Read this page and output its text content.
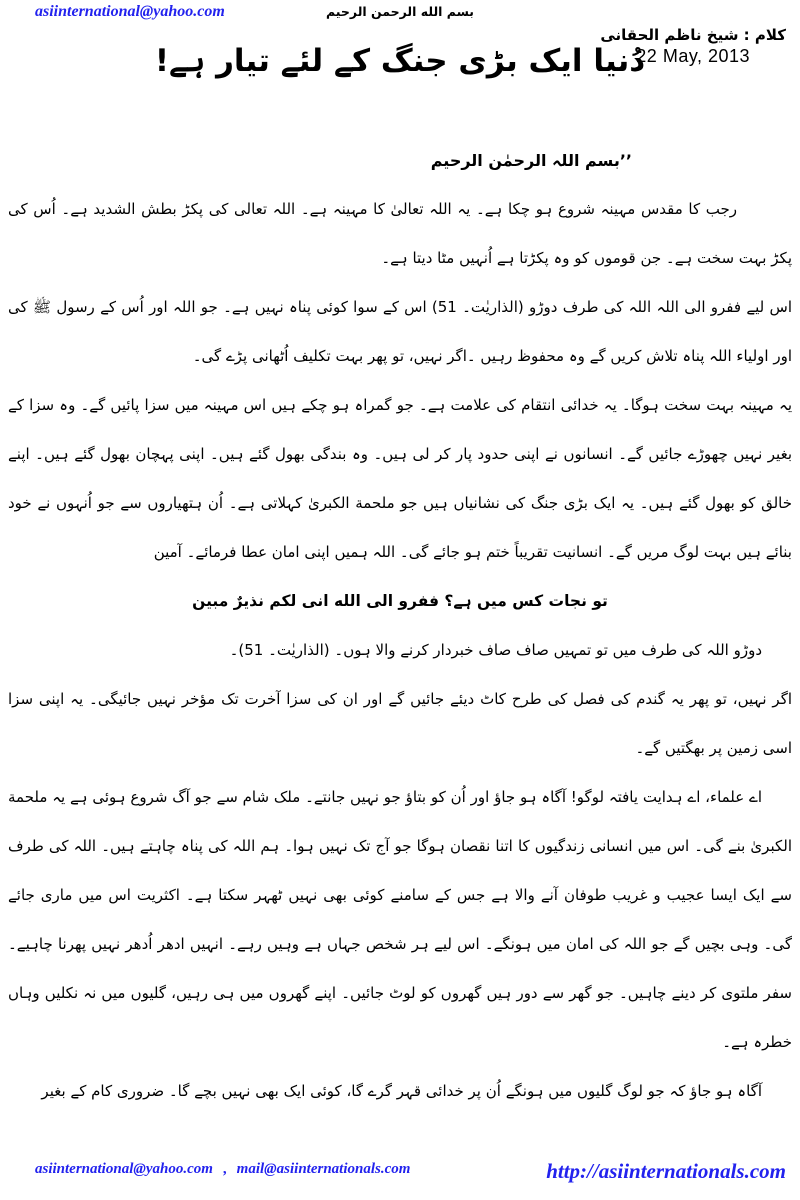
asiinternational@yahoo.com	بسم الله الرحمن الرحيم
کلام : شیخ ناظم الحقانی
22 May, 2013
دُنیا ایک بڑی جنگ کے لئے تیار ہے!

’’بسم اللہ الرحمٰن الرحیم

رجب کا مقدس مہینہ شروع ہو چکا ہے۔ یہ اللہ تعالیٰ کا مہینہ ہے۔ اللہ تعالی کی پکڑ بطش الشدید ہے۔ اُس کی پکڑ بہت سخت ہے۔ جن قوموں کو وہ پکڑتا ہے اُنہیں مٹا دیتا ہے۔

اس لیے ففرو الی اللہ اللہ کی طرف دوڑو (الذاریٰت۔ 51) اس کے سوا کوئی پناہ نہیں ہے۔ جو اللہ اور اُس کے رسول ﷺ کی اور اولیاء اللہ پناہ تلاش کریں گے وہ محفوظ رہیں ۔اگر نہیں، تو پھر بہت تکلیف اُٹھانی پڑے گی۔

یہ مہینہ بہت سخت ہوگا۔ یہ خدائی انتقام کی علامت ہے۔ جو گمراہ ہو چکے ہیں اس مہینہ میں سزا پائیں گے۔ وہ سزا کے بغیر نہیں چھوڑے جائیں گے۔ انسانوں نے اپنی حدود پار کر لی ہیں۔ وہ بندگی بھول گئے ہیں۔ اپنی پہچان بھول گئے ہیں۔ اپنے خالق کو بھول گئے ہیں۔ یہ ایک بڑی جنگ کی نشانیاں ہیں جو ملحمة الکبریٰ کہلاتی ہے۔ اُن ہتھیاروں سے جو اُنہوں نے خود بنائے ہیں بہت لوگ مریں گے۔ انسانیت تقریباً ختم ہو جائے گی۔ اللہ ہمیں اپنی امان عطا فرمائے۔ آمین

تو نجات کس میں ہے؟ ففرو الی الله انی لکم نذیرٌ مبین

دوڑو اللہ کی طرف میں تو تمہیں صاف صاف خبردار کرنے والا ہوں۔ (الذاریٰت۔ 51)۔

اگر نہیں، تو پھر یہ گندم کی فصل کی طرح کاٹ دیئے جائیں گے اور ان کی سزا آخرت تک مؤخر نہیں جائیگی۔ یہ اپنی سزا اسی زمین پر بھگتیں گے۔

اے علماء، اے ہدایت یافتہ لوگو! آگاہ ہو جاؤ اور اُن کو بتاؤ جو نہیں جانتے۔ ملک شام سے جو آگ شروع ہوئی ہے یہ ملحمة الکبریٰ بنے گی۔ اس میں انسانی زندگیوں کا اتنا نقصان ہوگا جو آج تک نہیں ہوا۔ ہم اللہ کی پناہ چاہتے ہیں۔ اللہ کی طرف سے ایک ایسا عجیب و غریب طوفان آنے والا ہے جس کے سامنے کوئی بھی نہیں ٹھہر سکتا ہے۔ اکثریت اس میں ماری جائے گی۔ وہی بچیں گے جو اللہ کی امان میں ہونگے۔ اس لیے ہر شخص جہاں ہے وہیں رہے۔ انہیں ادھر اُدھر نہیں پھرنا چاہیے۔ سفر ملتوی کر دینے چاہیں۔ جو گھر سے دور ہیں گھروں کو لوٹ جائیں۔ اپنے گھروں میں ہی رہیں، گلیوں میں نہ نکلیں وہاں خطرہ ہے۔

آگاہ ہو جاؤ کہ جو لوگ گلیوں میں ہونگے اُن پر خدائی قہر گرے گا، کوئی ایک بھی نہیں بچے گا۔ ضروری کام کے بغیر

asiinternational@yahoo.com , mail@asiinternationals.com	http://asiinternationals.com
